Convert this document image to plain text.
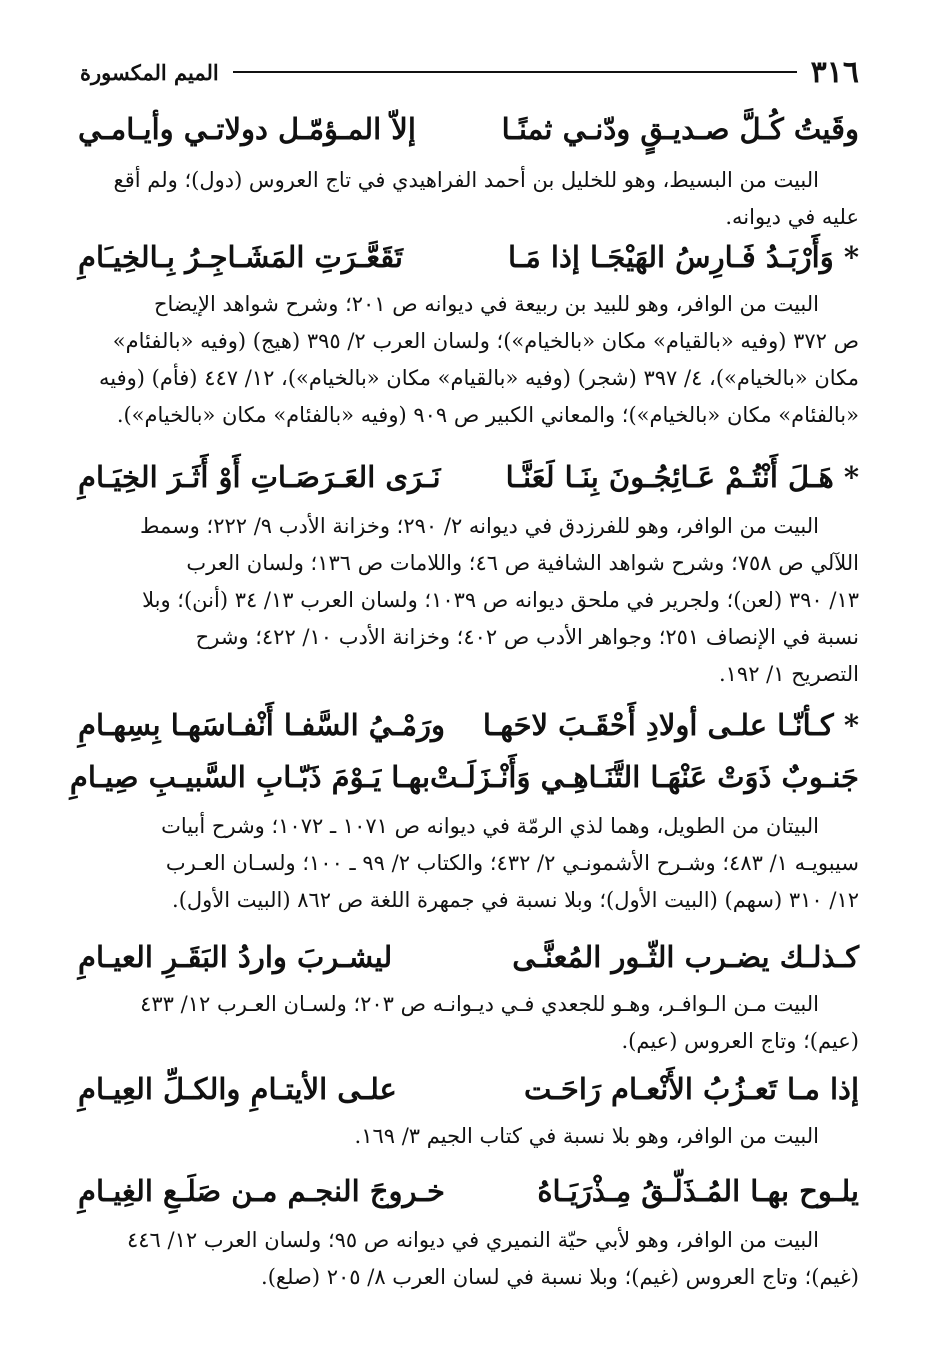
٣١٦
الميم المكسورة
وقَيتُ كُـلَّ صـديـقٍ ودّنـي ثمنًـا
إلاّ المـؤمّـل دولاتـي وأيـامـي
البيت من البسيط، وهو للخليل بن أحمد الفراهيدي في تاج العروس (دول)؛ ولم أقع
عليه في ديوانه.
* وَأَرْبَـدُ فَـارِسُ الهَيْجَـا إذا مَـا
تَقَعَّـرَتِ المَشَـاجِـرُ بِـالخِيـَامِ
البيت من الوافر، وهو للبيد بن ربيعة في ديوانه ص ٢٠١؛ وشرح شواهد الإيضاح
ص ٣٧٢ (وفيه «بالقيام» مكان «بالخيام»)؛ ولسان العرب ٢/ ٣٩٥ (هيج) (وفيه «بالفئام»
مكان «بالخيام»)، ٤/ ٣٩٧ (شجر) (وفيه «بالقيام» مكان «بالخيام»)، ١٢/ ٤٤٧ (فأم) (وفيه
«بالفئام» مكان «بالخيام»)؛ والمعاني الكبير ص ٩٠٩ (وفيه «بالفئام» مكان «بالخيام»).
* هَـلَ أَنْتُـمْ عَـائِجُـونَ بِنَـا لَعَنَّـا
نَـرَى العَـرَصَـاتِ أَوْ أَثَـرَ الخِيَـامِ
البيت من الوافر، وهو للفرزدق في ديوانه ٢/ ٢٩٠؛ وخزانة الأدب ٩/ ٢٢٢؛ وسمط
اللآلي ص ٧٥٨؛ وشرح شواهد الشافية ص ٤٦؛ واللامات ص ١٣٦؛ ولسان العرب
١٣/ ٣٩٠ (لعن)؛ ولجرير في ملحق ديوانه ص ١٠٣٩؛ ولسان العرب ١٣/ ٣٤ (أنن)؛ وبلا
نسبة في الإنصاف ٢٥١؛ وجواهر الأدب ص ٤٠٢؛ وخزانة الأدب ١٠/ ٤٢٢؛ وشرح
التصريح ١/ ١٩٢.
* كـأنّـا علـى أولادِ أَحْقَـبَ لاحَهـا
ورَمْـيُ السَّفـا أَنْفـاسَهـا بِسِهـامِ
جَنـوبٌ ذَوَتْ عَنْهَـا التَّنَـاهِـي وَأَنْـزَلَـتْ
بهـا يَـوْمَ ذَبّـابِ السَّبيـبِ صِيـامِ
البيتان من الطويل، وهما لذي الرمّة في ديوانه ص ١٠٧١ ـ ١٠٧٢؛ وشرح أبيات
سيبويـه ١/ ٤٨٣؛ وشـرح الأشمونـي ٢/ ٤٣٢؛ والكتاب ٢/ ٩٩ ـ ١٠٠؛ ولسـان العـرب
١٢/ ٣١٠ (سهم) (البيت الأول)؛ وبلا نسبة في جمهرة اللغة ص ٨٦٢ (البيت الأول).
كـذلـك يضـرب الثّـور المُعنَّـى
ليشـربَ واردُ البَقَـرِ العيـامِ
البيت مـن الـوافـر، وهـو للجعدي فـي ديـوانـه ص ٢٠٣؛ ولسـان العـرب ١٢/ ٤٣٣
(عيم)؛ وتاج العروس (عيم).
إذا مـا تَعـزُبُ الأَنْعـام رَاحَـت
علـى الأيتـامِ والكـلِّ العِيـامِ
البيت من الوافر، وهو بلا نسبة في كتاب الجيم ٣/ ١٦٩.
يلـوح بهـا المُـذَلّـقُ مِـذْرَيَـاهُ
خـروجَ النجـم مـن صَلَـعِ الغِيـامِ
البيت من الوافر، وهو لأبي حيّة النميري في ديوانه ص ٩٥؛ ولسان العرب ١٢/ ٤٤٦
(غيم)؛ وتاج العروس (غيم)؛ وبلا نسبة في لسان العرب ٨/ ٢٠٥ (صلع).
